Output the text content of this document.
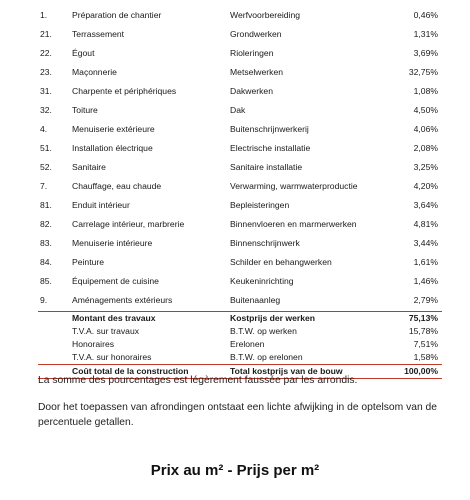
1.	Préparation de chantier	Werfvoorbereiding	0,46%
21.	Terrassement	Grondwerken	1,31%
22.	Égout	Rioleringen	3,69%
23.	Maçonnerie	Metselwerken	32,75%
31.	Charpente et périphériques	Dakwerken	1,08%
32.	Toiture	Dak	4,50%
4.	Menuiserie extérieure	Buitenschrijnwerkerij	4,06%
51.	Installation électrique	Electrische installatie	2,08%
52.	Sanitaire	Sanitaire installatie	3,25%
7.	Chauffage, eau chaude	Verwarming, warmwaterproductie	4,20%
81.	Enduit intérieur	Bepleisteringen	3,64%
82.	Carrelage intérieur, marbrerie	Binnenvloeren en marmerwerken	4,81%
83.	Menuiserie intérieure	Binnenschrijnwerk	3,44%
84.	Peinture	Schilder en behangwerken	1,61%
85.	Équipement de cuisine	Keukeninrichting	1,46%
9.	Aménagements extérieurs	Buitenaanleg	2,79%
Montant des travaux	Kostprijs der werken	75,13%
T.V.A. sur travaux	B.T.W. op werken	15,78%
Honoraires	Erelonen	7,51%
T.V.A. sur honoraires	B.T.W. op erelonen	1,58%
Coût total de la construction	Total kostprijs van de bouw	100,00%

La somme des pourcentages est légèrement faussée par les arrondis.

Door het toepassen van afrondingen ontstaat een lichte afwijking in de optelsom van de percentuele getallen.

Prix au m² - Prijs per m²
